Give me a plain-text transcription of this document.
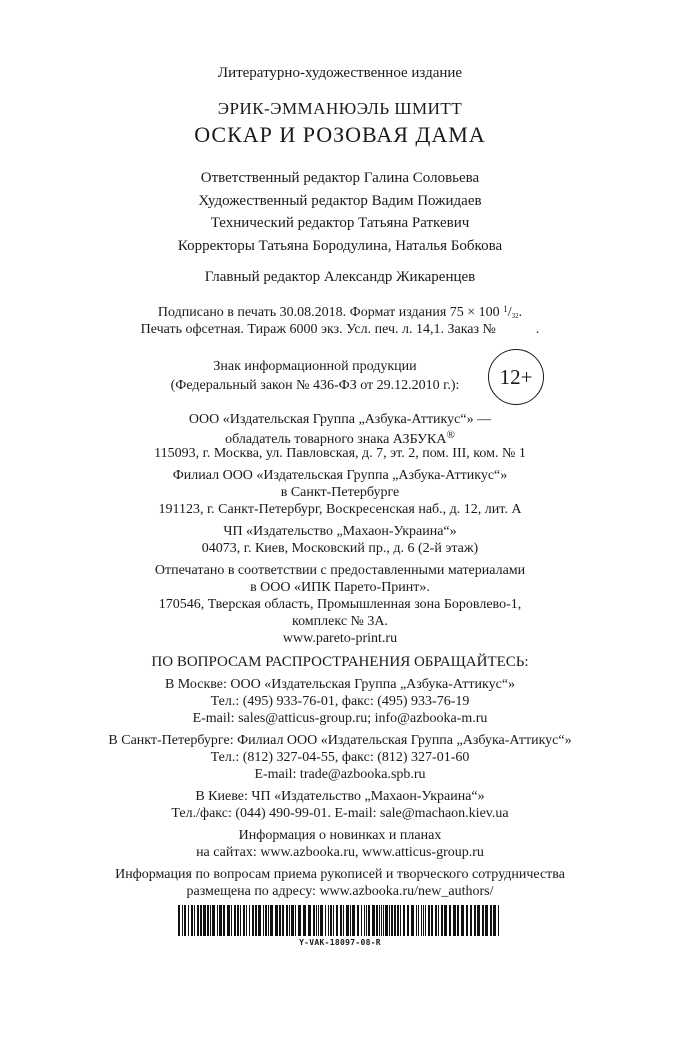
Литературно-художественное издание
ЭРИК-ЭММАНЮЭЛЬ ШМИТТ
ОСКАР И РОЗОВАЯ ДАМА
Ответственный редактор Галина Соловьева
Художественный редактор Вадим Пожидаев
Технический редактор Татьяна Раткевич
Корректоры Татьяна Бородулина, Наталья Бобкова
Главный редактор Александр Жикаренцев
Подписано в печать 30.08.2018. Формат издания 75 × 100 $^1$/32.
Печать офсетная. Тираж 6000 экз. Усл. печ. л. 14,1. Заказ №	.
Знак информационной продукции
(Федеральный закон № 436-ФЗ от 29.12.2010 г.):	12+
ООО «Издательская Группа „Азбука-Аттикус“» —
обладатель товарного знака АЗБУКА®
115093, г. Москва, ул. Павловская, д. 7, эт. 2, пом. III, ком. № 1
Филиал ООО «Издательская Группа „Азбука-Аттикус“»
в Санкт-Петербурге
191123, г. Санкт-Петербург, Воскресенская наб., д. 12, лит. А
ЧП «Издательство „Махаон-Украина“»
04073, г. Киев, Московский пр., д. 6 (2-й этаж)
Отпечатано в соответствии с предоставленными материалами
в ООО «ИПК Парето-Принт».
170546, Тверская область, Промышленная зона Боровлево-1,
комплекс № 3А.
www.pareto-print.ru
ПО ВОПРОСАМ РАСПРОСТРАНЕНИЯ ОБРАЩАЙТЕСЬ:
В Москве: ООО «Издательская Группа „Азбука-Аттикус“»
Тел.: (495) 933-76-01, факс: (495) 933-76-19
E-mail: sales@atticus-group.ru; info@azbooka-m.ru
В Санкт-Петербурге: Филиал ООО «Издательская Группа „Азбука-Аттикус“»
Тел.: (812) 327-04-55, факс: (812) 327-01-60
E-mail: trade@azbooka.spb.ru
В Киеве: ЧП «Издательство „Махаон-Украина“»
Тел./факс: (044) 490-99-01. E-mail: sale@machaon.kiev.ua
Информация о новинках и планах
на сайтах: www.azbooka.ru, www.atticus-group.ru
Информация по вопросам приема рукописей и творческого сотрудничества
размещена по адресу: www.azbooka.ru/new_authors/
Y-VAK-18097-08-R
